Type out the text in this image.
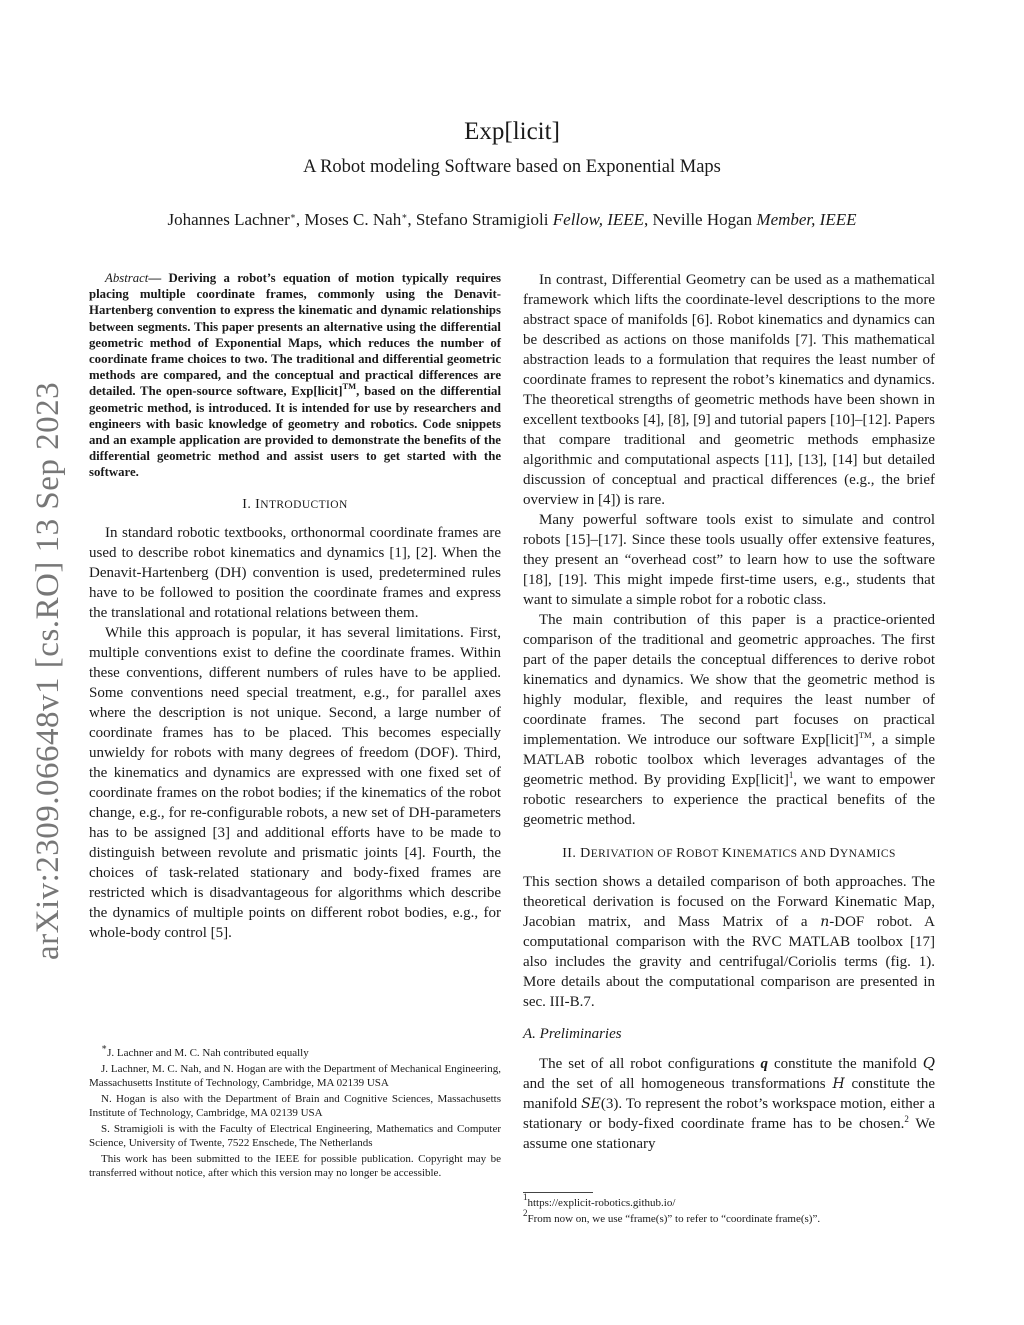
arXiv:2309.06648v1 [cs.RO] 13 Sep 2023
Exp[licit]
A Robot modeling Software based on Exponential Maps
Johannes Lachner∗, Moses C. Nah∗, Stefano Stramigioli Fellow, IEEE, Neville Hogan Member, IEEE

Abstract— Deriving a robot’s equation of motion typically requires placing multiple coordinate frames, commonly using the Denavit-Hartenberg convention to express the kinematic and dynamic relationships between segments. This paper presents an alternative using the differential geometric method of Exponential Maps, which reduces the number of coordinate frame choices to two. The traditional and differential geometric methods are compared, and the conceptual and practical differences are detailed. The open-source software, Exp[licit]™, based on the differential geometric method, is introduced. It is intended for use by researchers and engineers with basic knowledge of geometry and robotics. Code snippets and an example application are provided to demonstrate the benefits of the differential geometric method and assist users to get started with the software.

I. INTRODUCTION

In standard robotic textbooks, orthonormal coordinate frames are used to describe robot kinematics and dynamics [1], [2]. When the Denavit-Hartenberg (DH) convention is used, predetermined rules have to be followed to position the coordinate frames and express the translational and rotational relations between them.

While this approach is popular, it has several limitations. First, multiple conventions exist to define the coordinate frames. Within these conventions, different numbers of rules have to be applied. Some conventions need special treatment, e.g., for parallel axes where the description is not unique. Second, a large number of coordinate frames has to be placed. This becomes especially unwieldy for robots with many degrees of freedom (DOF). Third, the kinematics and dynamics are expressed with one fixed set of coordinate frames on the robot bodies; if the kinematics of the robot change, e.g., for re-configurable robots, a new set of DH-parameters has to be assigned [3] and additional efforts have to be made to distinguish between revolute and prismatic joints [4]. Fourth, the choices of task-related stationary and body-fixed frames are restricted which is disadvantageous for algorithms which describe the dynamics of multiple points on different robot bodies, e.g., for whole-body control [5].

∗J. Lachner and M. C. Nah contributed equally

J. Lachner, M. C. Nah, and N. Hogan are with the Department of Mechanical Engineering, Massachusetts Institute of Technology, Cambridge, MA 02139 USA

N. Hogan is also with the Department of Brain and Cognitive Sciences, Massachusetts Institute of Technology, Cambridge, MA 02139 USA

S. Stramigioli is with the Faculty of Electrical Engineering, Mathematics and Computer Science, University of Twente, 7522 Enschede, The Netherlands

This work has been submitted to the IEEE for possible publication. Copyright may be transferred without notice, after which this version may no longer be accessible.

In contrast, Differential Geometry can be used as a mathematical framework which lifts the coordinate-level descriptions to the more abstract space of manifolds [6]. Robot kinematics and dynamics can be described as actions on those manifolds [7]. This mathematical abstraction leads to a formulation that requires the least number of coordinate frames to represent the robot’s kinematics and dynamics. The theoretical strengths of geometric methods have been shown in excellent textbooks [4], [8], [9] and tutorial papers [10]–[12]. Papers that compare traditional and geometric methods emphasize algorithmic and computational aspects [11], [13], [14] but detailed discussion of conceptual and practical differences (e.g., the brief overview in [4]) is rare.

Many powerful software tools exist to simulate and control robots [15]–[17]. Since these tools usually offer extensive features, they present an “overhead cost” to learn how to use the software [18], [19]. This might impede first-time users, e.g., students that want to simulate a simple robot for a robotic class.

The main contribution of this paper is a practice-oriented comparison of the traditional and geometric approaches. The first part of the paper details the conceptual differences to derive robot kinematics and dynamics. We show that the geometric method is highly modular, flexible, and requires the least number of coordinate frames. The second part focuses on practical implementation. We introduce our software Exp[licit]™, a simple MATLAB robotic toolbox which leverages advantages of the geometric method. By providing Exp[licit]$^1$, we want to empower robotic researchers to experience the practical benefits of the geometric method.

II. DERIVATION OF ROBOT KINEMATICS AND DYNAMICS

This section shows a detailed comparison of both approaches. The theoretical derivation is focused on the Forward Kinematic Map, Jacobian matrix, and Mass Matrix of a n-DOF robot. A computational comparison with the RVC MATLAB toolbox [17] also includes the gravity and centrifugal/Coriolis terms (fig. 1). More details about the computational comparison are presented in sec. III-B.7.

A. Preliminaries

The set of all robot configurations q constitute the manifold Q and the set of all homogeneous transformations H constitute the manifold SE(3). To represent the robot’s workspace motion, either a stationary or body-fixed coordinate frame has to be chosen.$^2$ We assume one stationary

$^1$https://explicit-robotics.github.io/

$^2$From now on, we use “frame(s)” to refer to “coordinate frame(s)”.
